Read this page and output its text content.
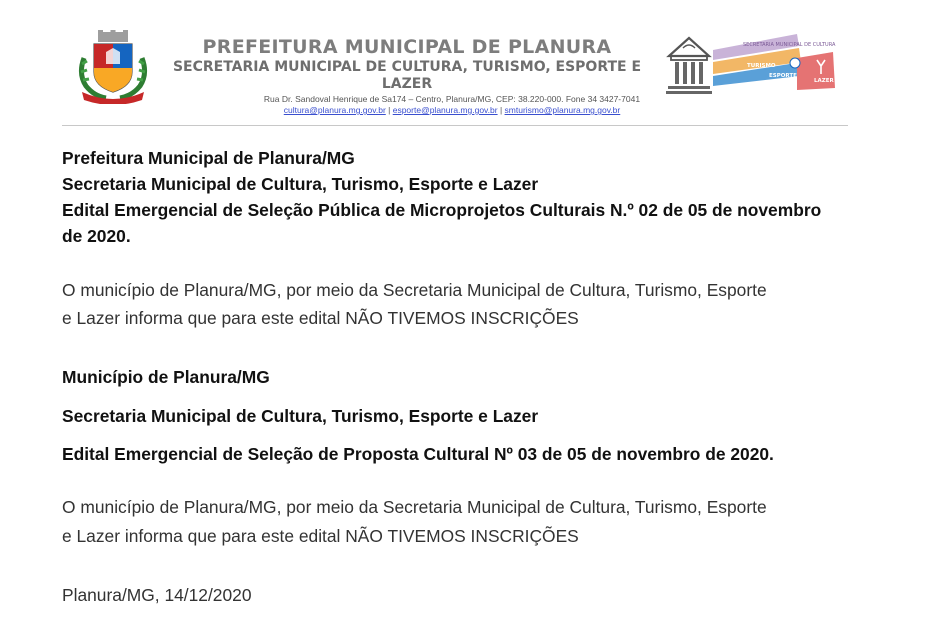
PREFEITURA MUNICIPAL DE PLANURA
SECRETARIA MUNICIPAL DE CULTURA, TURISMO, ESPORTE E LAZER
Rua Dr. Sandoval Henrique de Sa174 – Centro, Planura/MG, CEP: 38.220-000. Fone 34 3427-7041
cultura@planura.mg.gov.br | esporte@planura.mg.gov.br | smturismo@planura.mg.gov.br
SECRETARIA MUNICIPAL DE CULTURA
TURISMO
ESPORTE
LAZER
Prefeitura Municipal de Planura/MG
Secretaria Municipal de Cultura, Turismo, Esporte e Lazer
Edital Emergencial de Seleção Pública de Microprojetos Culturais N.º 02 de 05 de novembro
de 2020.
O município de Planura/MG, por meio da Secretaria Municipal de Cultura, Turismo, Esporte
e Lazer informa que para este edital NÃO TIVEMOS INSCRIÇÕES
Município de Planura/MG
Secretaria Municipal de Cultura, Turismo, Esporte e Lazer
Edital Emergencial de Seleção de Proposta Cultural Nº 03 de 05 de novembro de 2020.
O município de Planura/MG, por meio da Secretaria Municipal de Cultura, Turismo, Esporte
e Lazer informa que para este edital NÃO TIVEMOS INSCRIÇÕES
Planura/MG, 14/12/2020
